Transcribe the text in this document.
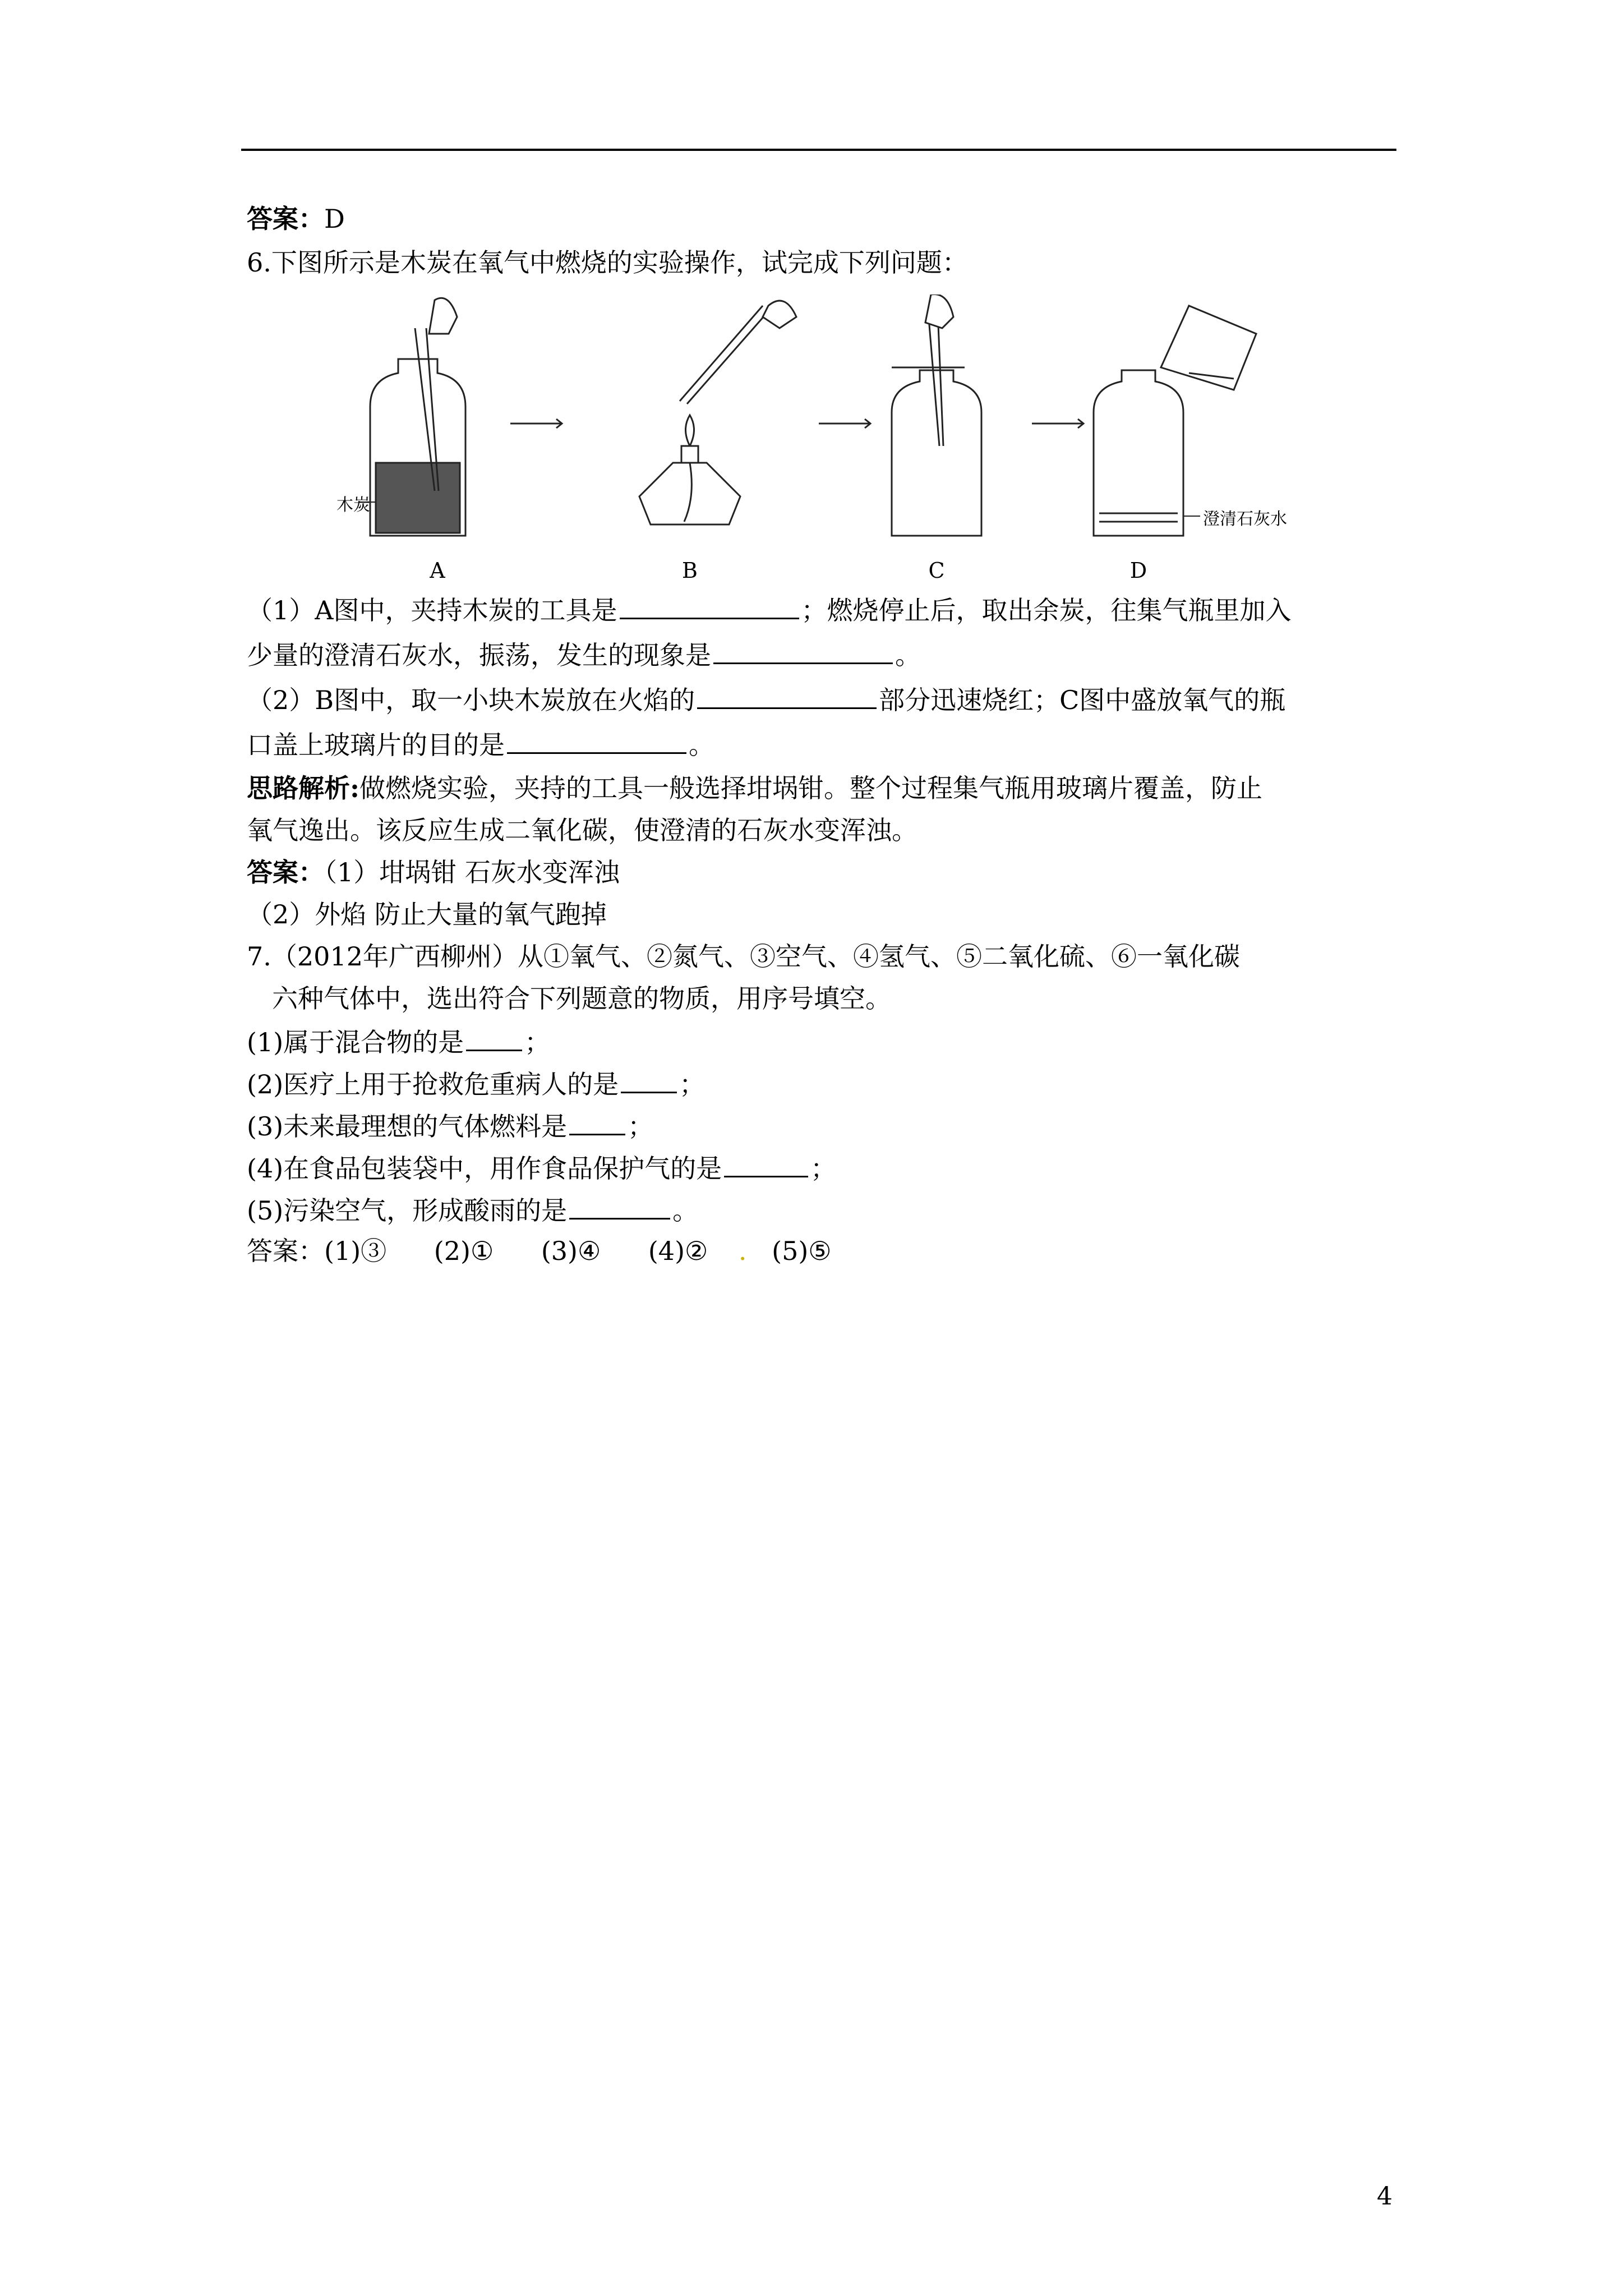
答案：D
6.下图所示是木炭在氧气中燃烧的实验操作，试完成下列问题：
木炭
澄清石灰水
A	B	C	D
（1）A图中，夹持木炭的工具是	；燃烧停止后，取出余炭，往集气瓶里加入
少量的澄清石灰水，振荡，发生的现象是	。
（2）B图中，取一小块木炭放在火焰的	部分迅速烧红；C图中盛放氧气的瓶
口盖上玻璃片的目的是	。
思路解析:做燃烧实验，夹持的工具一般选择坩埚钳。整个过程集气瓶用玻璃片覆盖，防止
氧气逸出。该反应生成二氧化碳，使澄清的石灰水变浑浊。
答案：（1）坩埚钳 石灰水变浑浊
（2）外焰 防止大量的氧气跑掉
7.（2012年广西柳州）从①氧气、②氮气、③空气、④氢气、⑤二氧化硫、⑥一氧化碳
六种气体中，选出符合下列题意的物质，用序号填空。
(1)属于混合物的是 ；
(2)医疗上用于抢救危重病人的是 ；
(3)未来最理想的气体燃料是 ；
(4)在食品包装袋中，用作食品保护气的是	；
(5)污染空气，形成酸雨的是	。
答案：(1)③ (2)① (3)④ (4)② . (5)⑤
4
